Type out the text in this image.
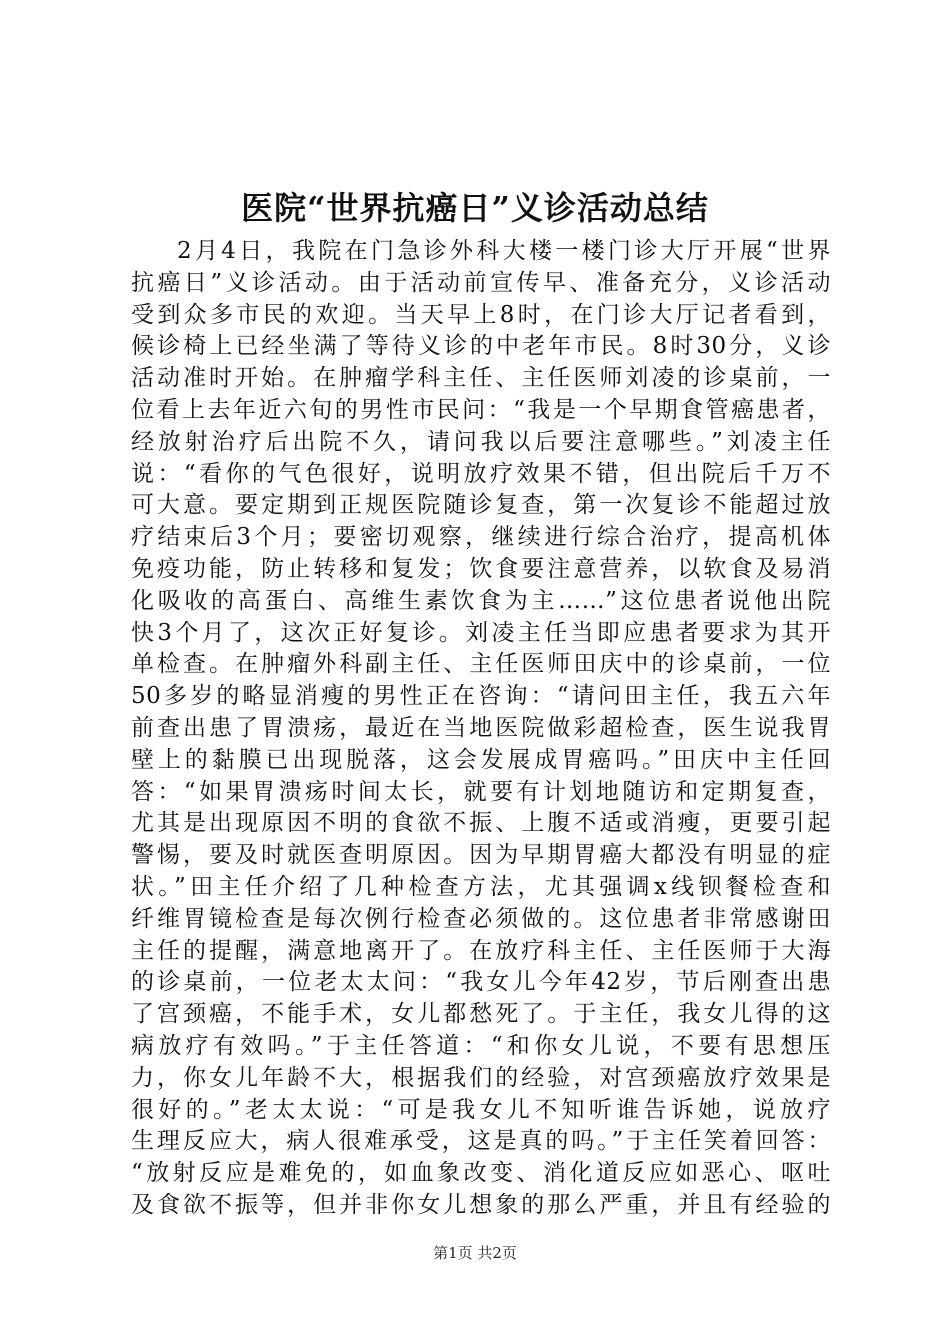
医院“世界抗癌日”义诊活动总结
2月4日，我院在门急诊外科大楼一楼门诊大厅开展“世界
抗癌日”义诊活动。由于活动前宣传早、准备充分，义诊活动
受到众多市民的欢迎。当天早上8时，在门诊大厅记者看到，
候诊椅上已经坐满了等待义诊的中老年市民。8时30分，义诊
活动准时开始。在肿瘤学科主任、主任医师刘凌的诊桌前，一
位看上去年近六旬的男性市民问：“我是一个早期食管癌患者，
经放射治疗后出院不久，请问我以后要注意哪些。”刘凌主任
说：“看你的气色很好，说明放疗效果不错，但出院后千万不
可大意。要定期到正规医院随诊复查，第一次复诊不能超过放
疗结束后3个月；要密切观察，继续进行综合治疗，提高机体
免疫功能，防止转移和复发；饮食要注意营养，以软食及易消
化吸收的高蛋白、高维生素饮食为主……”这位患者说他出院
快3个月了，这次正好复诊。刘凌主任当即应患者要求为其开
单检查。在肿瘤外科副主任、主任医师田庆中的诊桌前，一位
50多岁的略显消瘦的男性正在咨询：“请问田主任，我五六年
前查出患了胃溃疡，最近在当地医院做彩超检查，医生说我胃
壁上的黏膜已出现脱落，这会发展成胃癌吗。”田庆中主任回
答：“如果胃溃疡时间太长，就要有计划地随访和定期复查，
尤其是出现原因不明的食欲不振、上腹不适或消瘦，更要引起
警惕，要及时就医查明原因。因为早期胃癌大都没有明显的症
状。”田主任介绍了几种检查方法，尤其强调x线钡餐检查和
纤维胃镜检查是每次例行检查必须做的。这位患者非常感谢田
主任的提醒，满意地离开了。在放疗科主任、主任医师于大海
的诊桌前，一位老太太问：“我女儿今年42岁，节后刚查出患
了宫颈癌，不能手术，女儿都愁死了。于主任，我女儿得的这
病放疗有效吗。”于主任答道：“和你女儿说，不要有思想压
力，你女儿年龄不大，根据我们的经验，对宫颈癌放疗效果是
很好的。”老太太说：“可是我女儿不知听谁告诉她，说放疗
生理反应大，病人很难承受，这是真的吗。”于主任笑着回答：
“放射反应是难免的，如血象改变、消化道反应如恶心、呕吐
及食欲不振等，但并非你女儿想象的那么严重，并且有经验的
第1页 共2页
